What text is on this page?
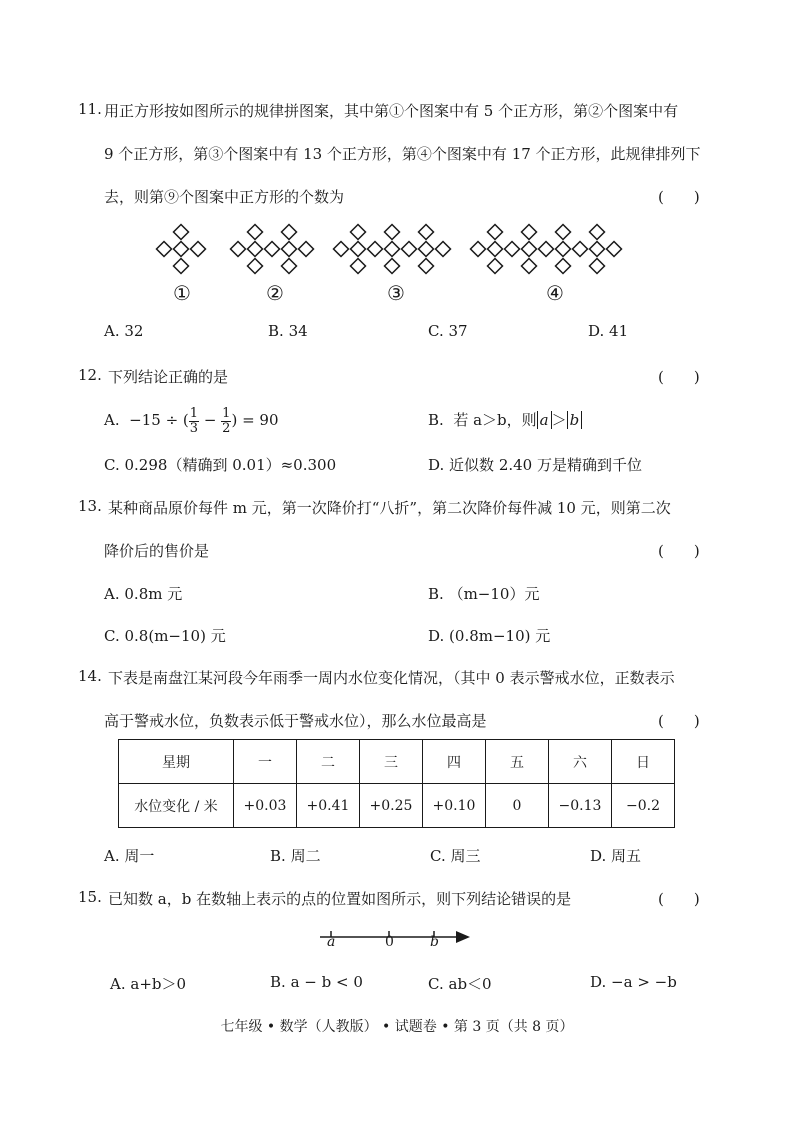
11. 用正方形按如图所示的规律拼图案，其中第①个图案中有 5 个正方形，第②个图案中有
9 个正方形，第③个图案中有 13 个正方形，第④个图案中有 17 个正方形，此规律排列下
去，则第⑨个图案中正方形的个数为	(　　)
①	②	③	④
A. 32	B. 34	C. 37	D. 41
12. 下列结论正确的是	(　　)
A. −15 ÷ ( $\frac{1}{3} - \frac{1}{2}$ ) = 90	B. 若 a＞b，则 a ＞ b
C. 0.298（精确到 0.01）≈0.300	D. 近似数 2.40 万是精确到千位
13. 某种商品原价每件 m 元，第一次降价打“八折”，第二次降价每件减 10 元，则第二次
降价后的售价是	(　　)
A. 0.8m 元	B. （m−10）元
C. 0.8(m−10) 元	D. (0.8m−10) 元
14. 下表是南盘江某河段今年雨季一周内水位变化情况，（其中 0 表示警戒水位，正数表示
高于警戒水位，负数表示低于警戒水位），那么水位最高是	(　　)
星期	一	二	三	四	五	六	日
水位变化 / 米	+0.03	+0.41	+0.25	+0.10	0	−0.13	−0.2
A. 周一	B. 周二	C. 周三	D. 周五
15. 已知数 a，b 在数轴上表示的点的位置如图所示，则下列结论错误的是	(　　)
a	0	b
A. a+b＞0	B. a − b < 0	C. ab＜0	D. −a > −b
七年级 • 数学（人教版） • 试题卷 • 第 3 页（共 8 页）
